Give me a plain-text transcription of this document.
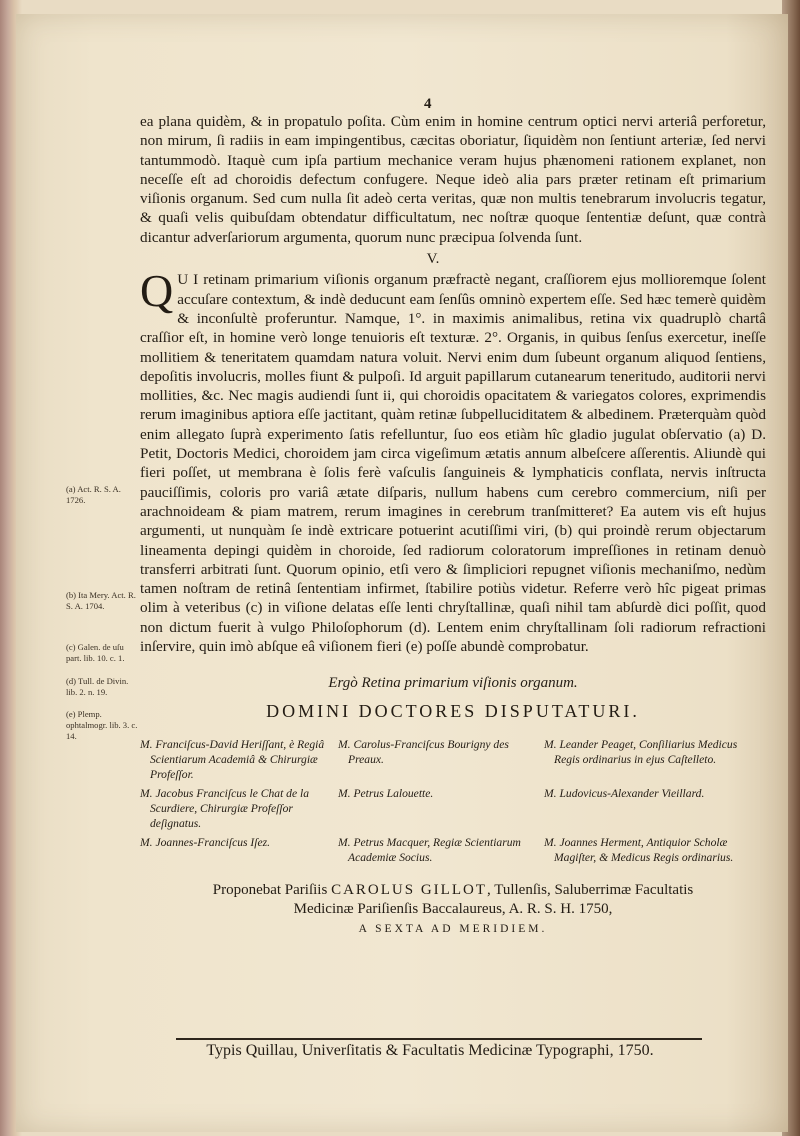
4

ea plana quidèm, & in propatulo poſita. Cùm enim in homine centrum optici nervi arteriâ perforetur, non mirum, ſi radiis in eam impingentibus, cæcitas oboriatur, ſiquidèm non ſentiunt arteriæ, ſed nervi tantummodò. Itaquè cum ipſa partium mechanice veram hujus phænomeni rationem explanet, non neceſſe eſt ad choroidis defectum confugere. Neque ideò alia pars præter retinam eſt primarium viſionis organum. Sed cum nulla ſit adeò certa veritas, quæ non multis tenebrarum involucris tegatur, & quaſi velis quibuſdam obtendatur difficultatum, nec noſtræ quoque ſententiæ deſunt, quæ contrà dicantur adverſariorum argumenta, quorum nunc præcipua ſolvenda ſunt.

V.

Q U I retinam primarium viſionis organum præfractè negant, craſſiorem ejus mollioremque ſolent accuſare contextum, & indè deducunt eam ſenſûs omninò expertem eſſe. Sed hæc temerè quidèm & inconſultè proferuntur. Namque, 1°. in maximis animalibus, retina vix quadruplò chartâ craſſior eſt, in homine verò longe tenuioris eſt texturæ. 2°. Organis, in quibus ſenſus exercetur, ineſſe mollitiem & teneritatem quamdam natura voluit. Nervi enim dum ſubeunt organum aliquod ſentiens, depoſitis involucris, molles fiunt & pulpoſi. Id arguit papillarum cutanearum teneritudo, auditorii nervi mollities, &c. Nec magis audiendi ſunt ii, qui choroidis opacitatem & variegatos colores, exprimendis rerum imaginibus aptiora eſſe jactitant, quàm retinæ ſubpelluciditatem & albedinem. Præterquàm quòd enim allegato ſuprà experimento ſatis refelluntur, ſuo eos etiàm hîc gladio jugulat obſervatio (a) D. Petit, Doctoris Medici, choroidem jam circa vigeſimum ætatis annum albeſcere aſſerentis. Aliundè qui fieri poſſet, ut membrana è ſolis ferè vaſculis ſanguineis & lymphaticis conflata, nervis inſtructa pauciſſimis, coloris pro variâ ætate diſparis, nullum habens cum cerebro commercium, niſi per arachnoideam & piam matrem, rerum imagines in cerebrum tranſmitteret? Ea autem vis eſt hujus argumenti, ut nunquàm ſe indè extricare potuerint acutiſſimi viri, (b) qui proindè rerum objectarum lineamenta depingi quidèm in choroide, ſed radiorum coloratorum impreſſiones in retinam denuò transferri arbitrati ſunt. Quorum opinio, etſi vero & ſimpliciori repugnet viſionis mechaniſmo, nedùm tamen noſtram de retinâ ſententiam infirmet, ſtabilire potiùs videtur. Referre verò hîc pigeat primas olim à veteribus (c) in viſione delatas eſſe lenti chryſtallinæ, quaſi nihil tam abſurdè dici poſſit, quod non dictum fuerit à vulgo Philoſophorum (d). Lentem enim chryſtallinam ſoli radiorum refractioni inſervire, quin imò abſque eâ viſionem fieri (e) poſſe abundè comprobatur.

Ergò Retina primarium viſionis organum.
DOMINI DOCTORES DISPUTATURI.
M. Franciſcus-David Heriſſant, è Regiâ Scientiarum Academiâ & Chirurgiæ Profeſſor.
M. Carolus-Franciſcus Bourigny des Preaux.
M. Leander Peaget, Conſiliarius Medicus Regis ordinarius in ejus Caſtelleto.
M. Jacobus Franciſcus le Chat de la Scurdiere, Chirurgiæ Profeſſor deſignatus.
M. Petrus Lalouette.	M. Ludovicus-Alexander Vieillard.
M. Joannes-Franciſcus Iſez.	M. Petrus Macquer, Regiæ Scientiarum Academiæ Socius.
M. Joannes Herment, Antiquior Scholæ Magiſter, & Medicus Regis ordinarius.
Proponebat Pariſiis CAROLUS GILLOT, Tullenſis, Saluberrimæ Facultatis
Medicinæ Pariſienſis Baccalaureus, A. R. S. H. 1750,
A SEXTA AD MERIDIEM.
Typis Quillau, Univerſitatis & Facultatis Medicinæ Typographi, 1750.
(a) Act. R. S. A. 1726.
(b) Ita Mery. Act. R. S. A. 1704.
(c) Galen. de uſu part. lib. 10. c. 1.
(d) Tull. de Divin. lib. 2. n. 19.
(e) Plemp. ophtalmogr. lib. 3. c. 14.
